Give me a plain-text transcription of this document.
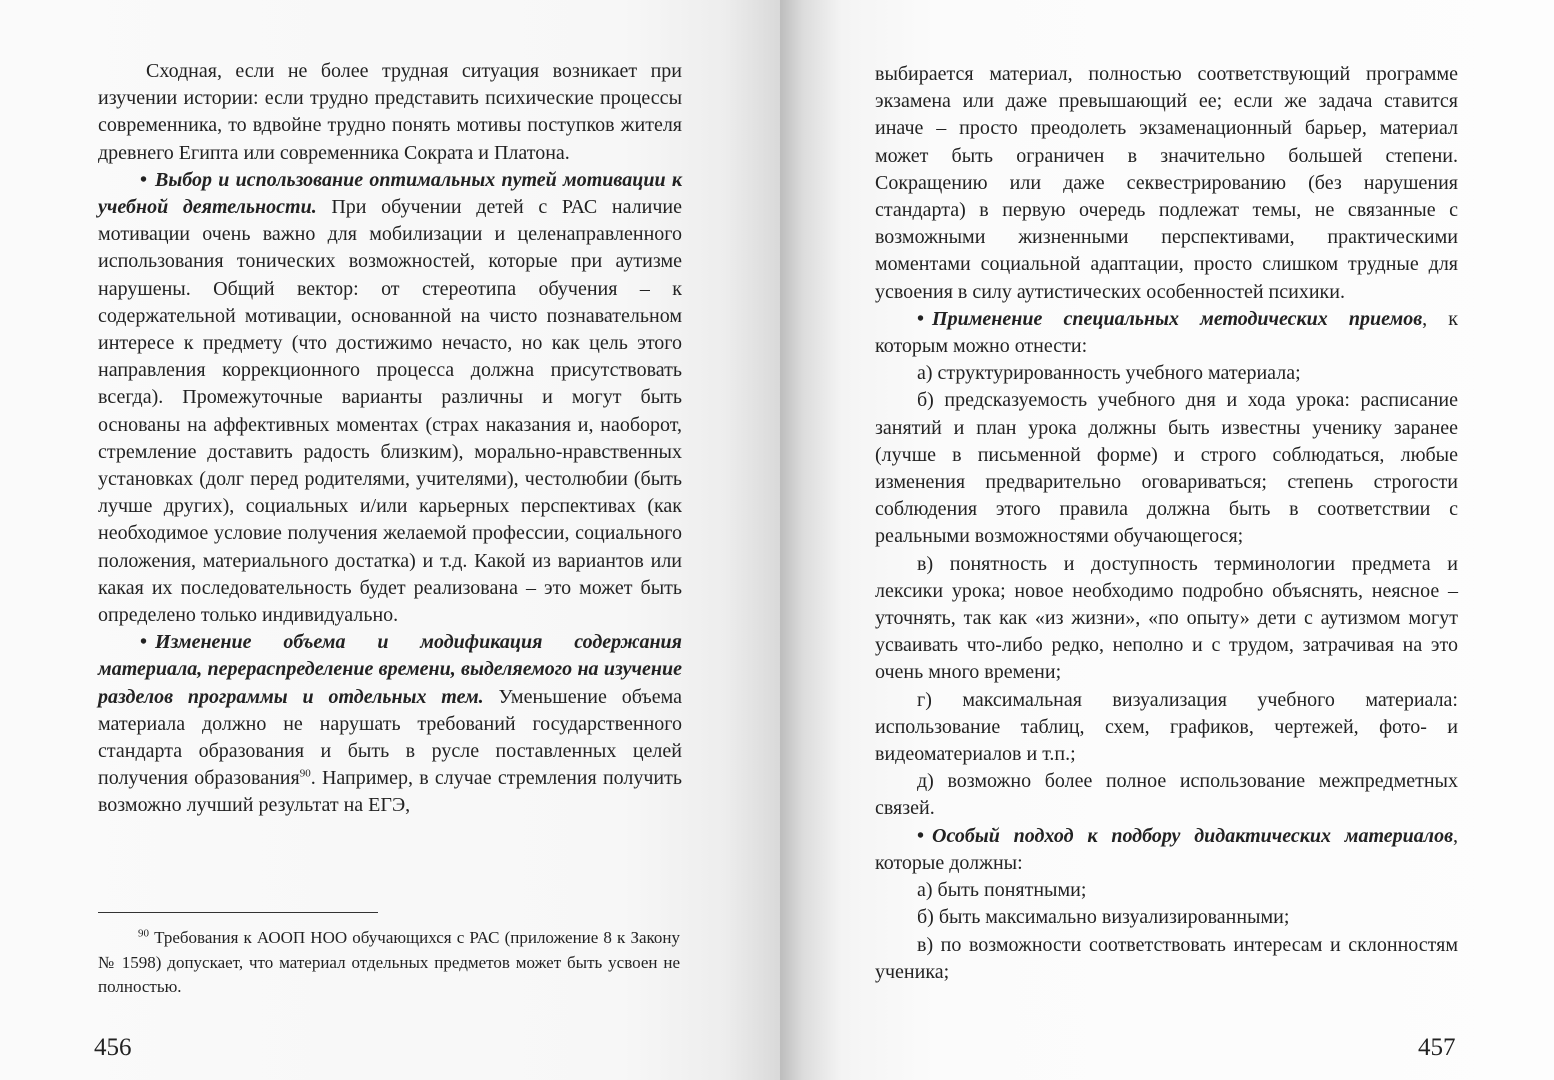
Сходная, если не более трудная ситуация возникает при изучении истории: если трудно представить психические процессы современника, то вдвойне трудно понять мотивы поступков жителя древнего Египта или современника Сократа и Платона.

• Выбор и использование оптимальных путей мотивации к учебной деятельности. При обучении детей с РАС наличие мотивации очень важно для мобилизации и целенаправленного использования тонических возможностей, которые при аутизме нарушены. Общий вектор: от стереотипа обучения – к содержательной мотивации, основанной на чисто познавательном интересе к предмету (что достижимо нечасто, но как цель этого направления коррекционного процесса должна присутствовать всегда). Промежуточные варианты различны и могут быть основаны на аффективных моментах (страх наказания и, наоборот, стремление доставить радость близким), морально-нравственных установках (долг перед родителями, учителями), честолюбии (быть лучше других), социальных и/или карьерных перспективах (как необходимое условие получения желаемой профессии, социального положения, материального достатка) и т.д. Какой из вариантов или какая их последовательность будет реализована – это может быть определено только индивидуально.

• Изменение объема и модификация содержания материала, перераспределение времени, выделяемого на изучение разделов программы и отдельных тем. Уменьшение объема материала должно не нарушать требований государственного стандарта образования и быть в русле поставленных целей получения образования$^{90}$. Например, в случае стремления получить возможно лучший результат на ЕГЭ,

$^{90}$ Требования к АООП НОО обучающихся с РАС (приложение 8 к Закону № 1598) допускает, что материал отдельных предметов может быть усвоен не полностью.

456

выбирается материал, полностью соответствующий программе экзамена или даже превышающий ее; если же задача ставится иначе – просто преодолеть экзаменационный барьер, материал может быть ограничен в значительно большей степени. Сокращению или даже секвестрированию (без нарушения стандарта) в первую очередь подлежат темы, не связанные с возможными жизненными перспективами, практическими моментами социальной адаптации, просто слишком трудные для усвоения в силу аутистических особенностей психики.

• Применение специальных методических приемов, к которым можно отнести:

а) структурированность учебного материала;

б) предсказуемость учебного дня и хода урока: расписание занятий и план урока должны быть известны ученику заранее (лучше в письменной форме) и строго соблюдаться, любые изменения предварительно оговариваться; степень строгости соблюдения этого правила должна быть в соответствии с реальными возможностями обучающегося;

в) понятность и доступность терминологии предмета и лексики урока; новое необходимо подробно объяснять, неясное – уточнять, так как «из жизни», «по опыту» дети с аутизмом могут усваивать что-либо редко, неполно и с трудом, затрачивая на это очень много времени;

г) максимальная визуализация учебного материала: использование таблиц, схем, графиков, чертежей, фото- и видеоматериалов и т.п.;

д) возможно более полное использование межпредметных связей.

• Особый подход к подбору дидактических материалов, которые должны:

а) быть понятными;

б) быть максимально визуализированными;

в) по возможности соответствовать интересам и склонностям ученика;

457
